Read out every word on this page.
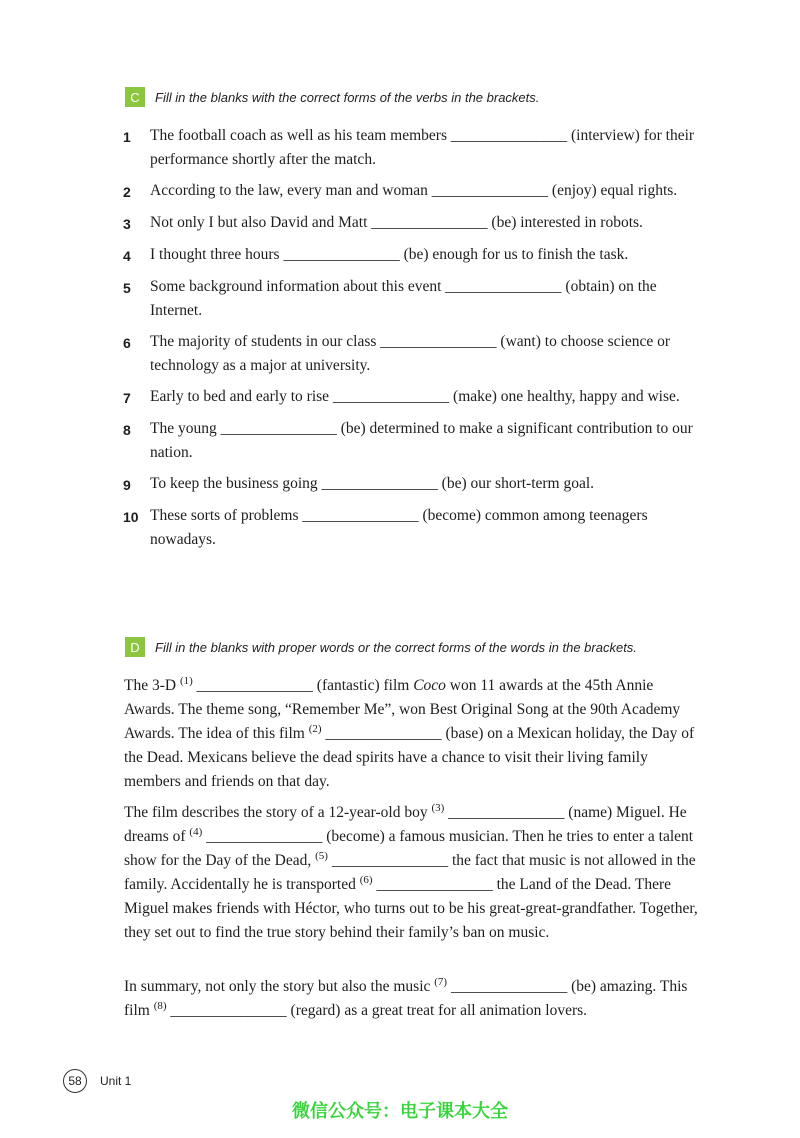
C	Fill in the blanks with the correct forms of the verbs in the brackets.
1	The football coach as well as his team members _______________ (interview) for their performance shortly after the match.
2	According to the law, every man and woman _______________ (enjoy) equal rights.
3	Not only I but also David and Matt _______________ (be) interested in robots.
4	I thought three hours _______________ (be) enough for us to finish the task.
5	Some background information about this event _______________ (obtain) on the Internet.
6	The majority of students in our class _______________ (want) to choose science or technology as a major at university.
7	Early to bed and early to rise _______________ (make) one healthy, happy and wise.
8	The young _______________ (be) determined to make a significant contribution to our nation.
9	To keep the business going _______________ (be) our short-term goal.
10 These sorts of problems _______________ (become) common among teenagers nowadays.
D	Fill in the blanks with proper words or the correct forms of the words in the brackets.

The 3-D $^{(1)}$ _______________ (fantastic) film Coco won 11 awards at the 45th Annie Awards. The theme song, “Remember Me”, won Best Original Song at the 90th Academy Awards. The idea of this film $^{(2)}$ _______________ (base) on a Mexican holiday, the Day of the Dead. Mexicans believe the dead spirits have a chance to visit their living family members and friends on that day.

The film describes the story of a 12-year-old boy $^{(3)}$ _______________ (name) Miguel. He dreams of $^{(4)}$ _______________ (become) a famous musician. Then he tries to enter a talent show for the Day of the Dead, $^{(5)}$ _______________ the fact that music is not allowed in the family. Accidentally he is transported $^{(6)}$ _______________ the Land of the Dead. There Miguel makes friends with Héctor, who turns out to be his great-great-grandfather. Together, they set out to find the true story behind their family’s ban on music.

In summary, not only the story but also the music $^{(7)}$ _______________ (be) amazing. This film $^{(8)}$ _______________ (regard) as a great treat for all animation lovers.

58	Unit 1
微信公众号：电子课本大全
